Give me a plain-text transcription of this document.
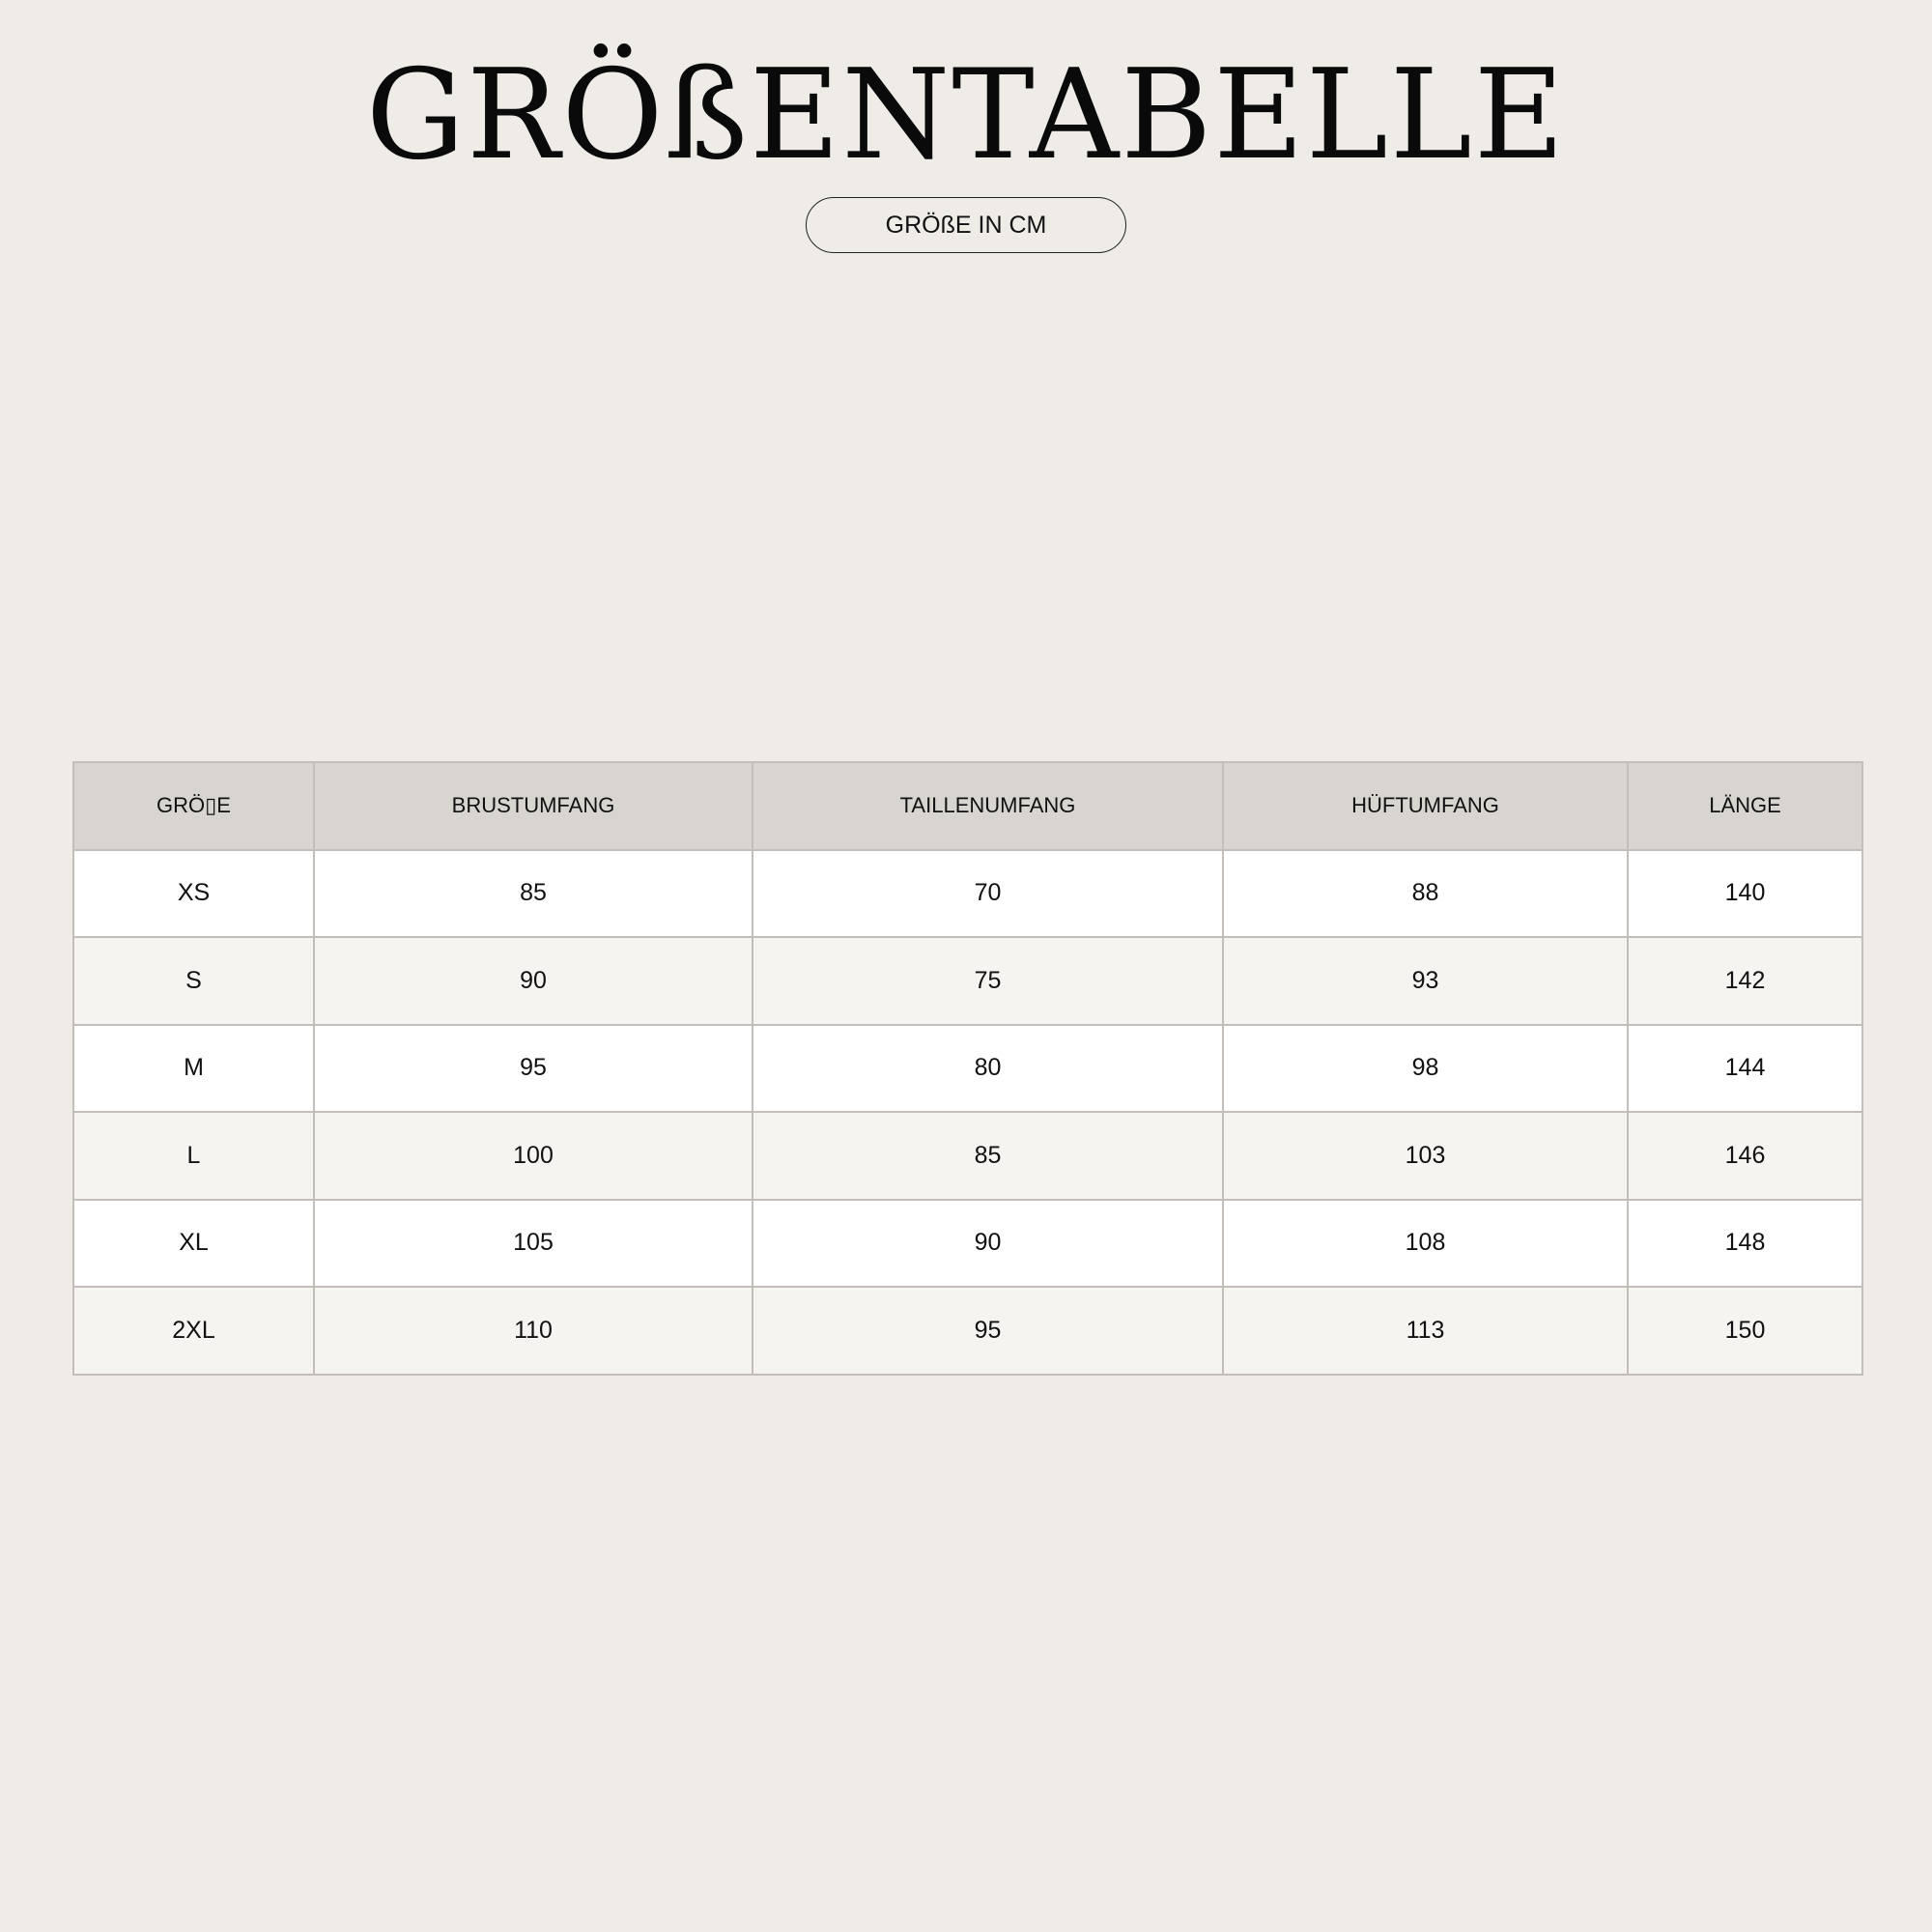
GRÖßENTABELLE
GRÖßE IN CM
GRÖ▯E	BRUSTUMFANG	TAILLENUMFANG	HÜFTUMFANG	LÄNGE
XS	85	70	88	140
S	90	75	93	142
M	95	80	98	144
L	100	85	103	146
XL	105	90	108	148
2XL	110	95	113	150
